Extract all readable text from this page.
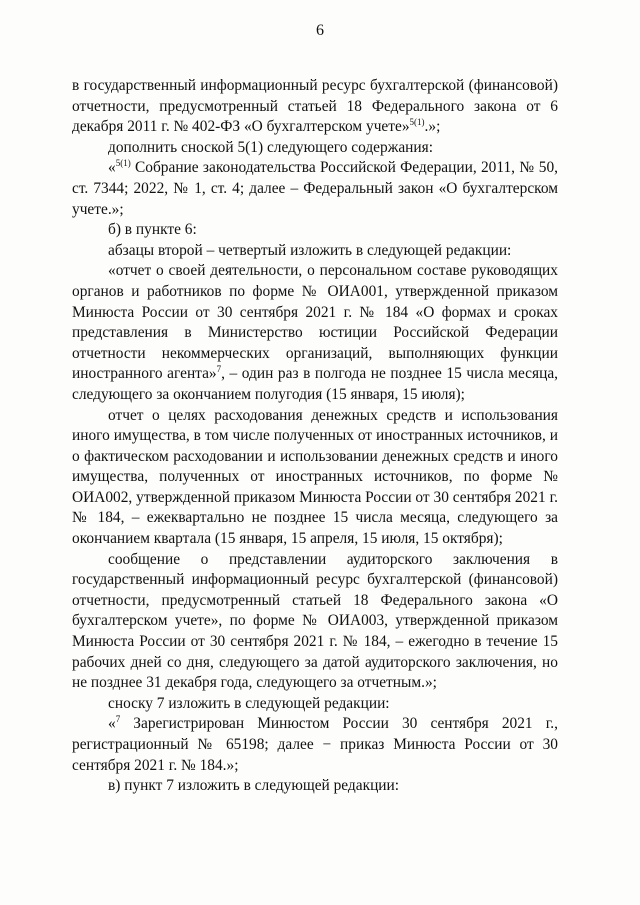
6

в государственный информационный ресурс бухгалтерской (финансовой) отчетности, предусмотренный статьей 18 Федерального закона от 6 декабря 2011 г. № 402-ФЗ «О бухгалтерском учете»$^{5(1)}$.»;

дополнить сноской 5(1) следующего содержания:

«$^{5(1)}$ Собрание законодательства Российской Федерации, 2011, № 50, ст. 7344; 2022, № 1, ст. 4; далее – Федеральный закон «О бухгалтерском учете.»;

б) в пункте 6:

абзацы второй – четвертый изложить в следующей редакции:

«отчет о своей деятельности, о персональном составе руководящих органов и работников по форме № ОИА001, утвержденной приказом Минюста России от 30 сентября 2021 г. № 184 «О формах и сроках представления в Министерство юстиции Российской Федерации отчетности некоммерческих организаций, выполняющих функции иностранного агента»$^7$, – один раз в полгода не позднее 15 числа месяца, следующего за окончанием полугодия (15 января, 15 июля);

отчет о целях расходования денежных средств и использования иного имущества, в том числе полученных от иностранных источников, и о фактическом расходовании и использовании денежных средств и иного имущества, полученных от иностранных источников, по форме № ОИА002, утвержденной приказом Минюста России от 30 сентября 2021 г. № 184, – ежеквартально не позднее 15 числа месяца, следующего за окончанием квартала (15 января, 15 апреля, 15 июля, 15 октября);

сообщение о представлении аудиторского заключения в государственный информационный ресурс бухгалтерской (финансовой) отчетности, предусмотренный статьей 18 Федерального закона «О бухгалтерском учете», по форме № ОИА003, утвержденной приказом Минюста России от 30 сентября 2021 г. № 184, – ежегодно в течение 15 рабочих дней со дня, следующего за датой аудиторского заключения, но не позднее 31 декабря года, следующего за отчетным.»;

сноску 7 изложить в следующей редакции:

«$^7$ Зарегистрирован Минюстом России 30 сентября 2021 г., регистрационный № 65198; далее − приказ Минюста России от 30 сентября 2021 г. № 184.»;

в) пункт 7 изложить в следующей редакции:
